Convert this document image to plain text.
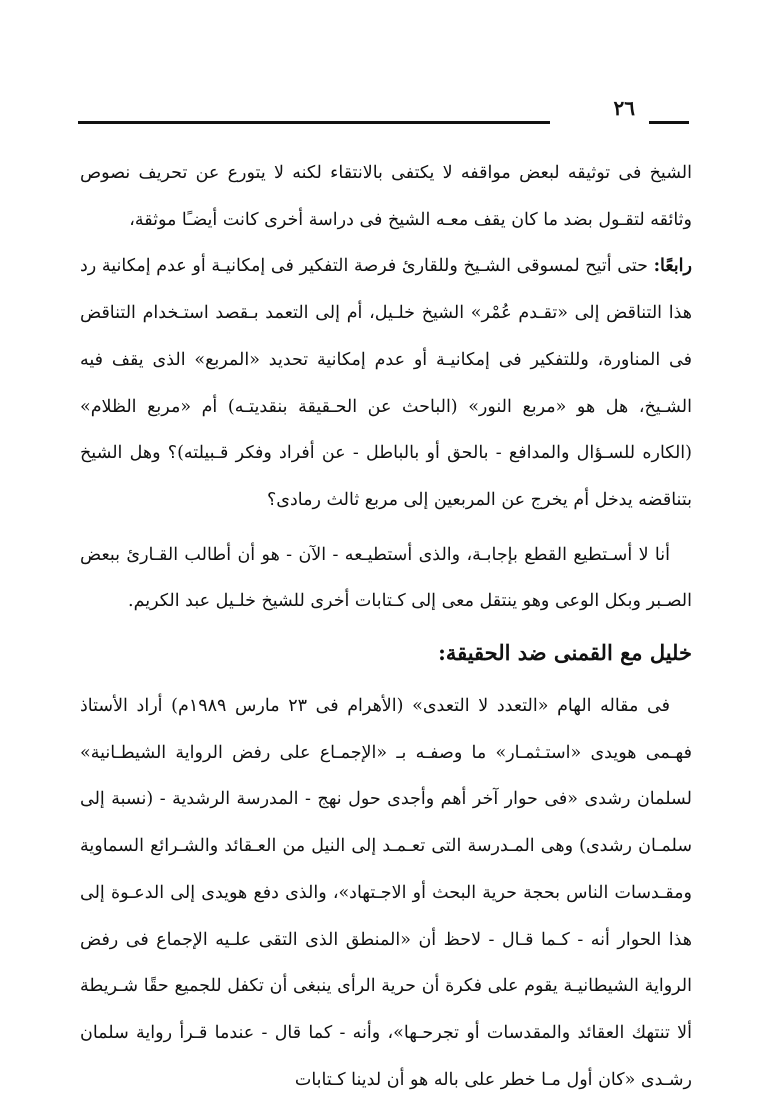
٢٦

الشيخ فى توثيقه لبعض مواقفه لا يكتفى بالانتقاء لكنه لا يتورع عن تحريف نصوص وثائقه لتقـول بضد ما كان يقف معـه الشيخ فى دراسة أخرى كانت أيضـًا موثقة،

رابعًا: حتى أتيح لمسوقى الشـيخ وللقارئ فرصة التفكير فى إمكانيـة أو عدم إمكانية رد هذا التناقض إلى «تقـدم عُمْر» الشيخ خلـيل، أم إلى التعمد بـقصد استـخدام التناقض فى المناورة، وللتفكير فى إمكانيـة أو عدم إمكانية تحديد «المربع» الذى يقف فيه الشـيخ، هل هو «مربع النور» (الباحث عن الحـقيقة بنقديتـه) أم «مربع الظلام» (الكاره للسـؤال والمدافع - بالحق أو بالباطل - عن أفراد وفكر قـبيلته)؟ وهل الشيخ بتناقضه يدخل أم يخرج عن المربعين إلى مربع ثالث رمادى؟

أنا لا أسـتطيع القطع بإجابـة، والذى أستطيـعه - الآن - هو أن أطالب القـارئ ببعض الصـبر وبكل الوعى وهو ينتقل معى إلى كـتابات أخرى للشيخ خلـيل عبد الكريم.

خليل مع القمنى ضد الحقيقة:

فى مقاله الهام «التعدد لا التعدى» (الأهرام فى ٢٣ مارس ١٩٨٩م) أراد الأستاذ فهـمى هويدى «استـثمـار» ما وصفـه بـ «الإجمـاع على رفض الرواية الشيطـانية» لسلمان رشدى «فى حوار آخر أهم وأجدى حول نهج - المدرسة الرشدية - (نسبة إلى سلمـان رشدى) وهى المـدرسة التى تعـمـد إلى النيل من العـقائد والشـرائع السماوية ومقـدسات الناس بحجة حرية البحث أو الاجـتهاد»، والذى دفع هويدى إلى الدعـوة إلى هذا الحوار أنه - كـما قـال - لاحظ أن «المنطق الذى التقى علـيه الإجماع فى رفض الرواية الشيطانيـة يقوم على فكرة أن حرية الرأى ينبغى أن تكفل للجميع حقًا شـريطة ألا تنتهك العقائد والمقدسات أو تجرحـها»، وأنه - كما قال - عندما قـرأ رواية سلمان رشـدى «كان أول مـا خطر على باله هو أن لدينا كـتابات
